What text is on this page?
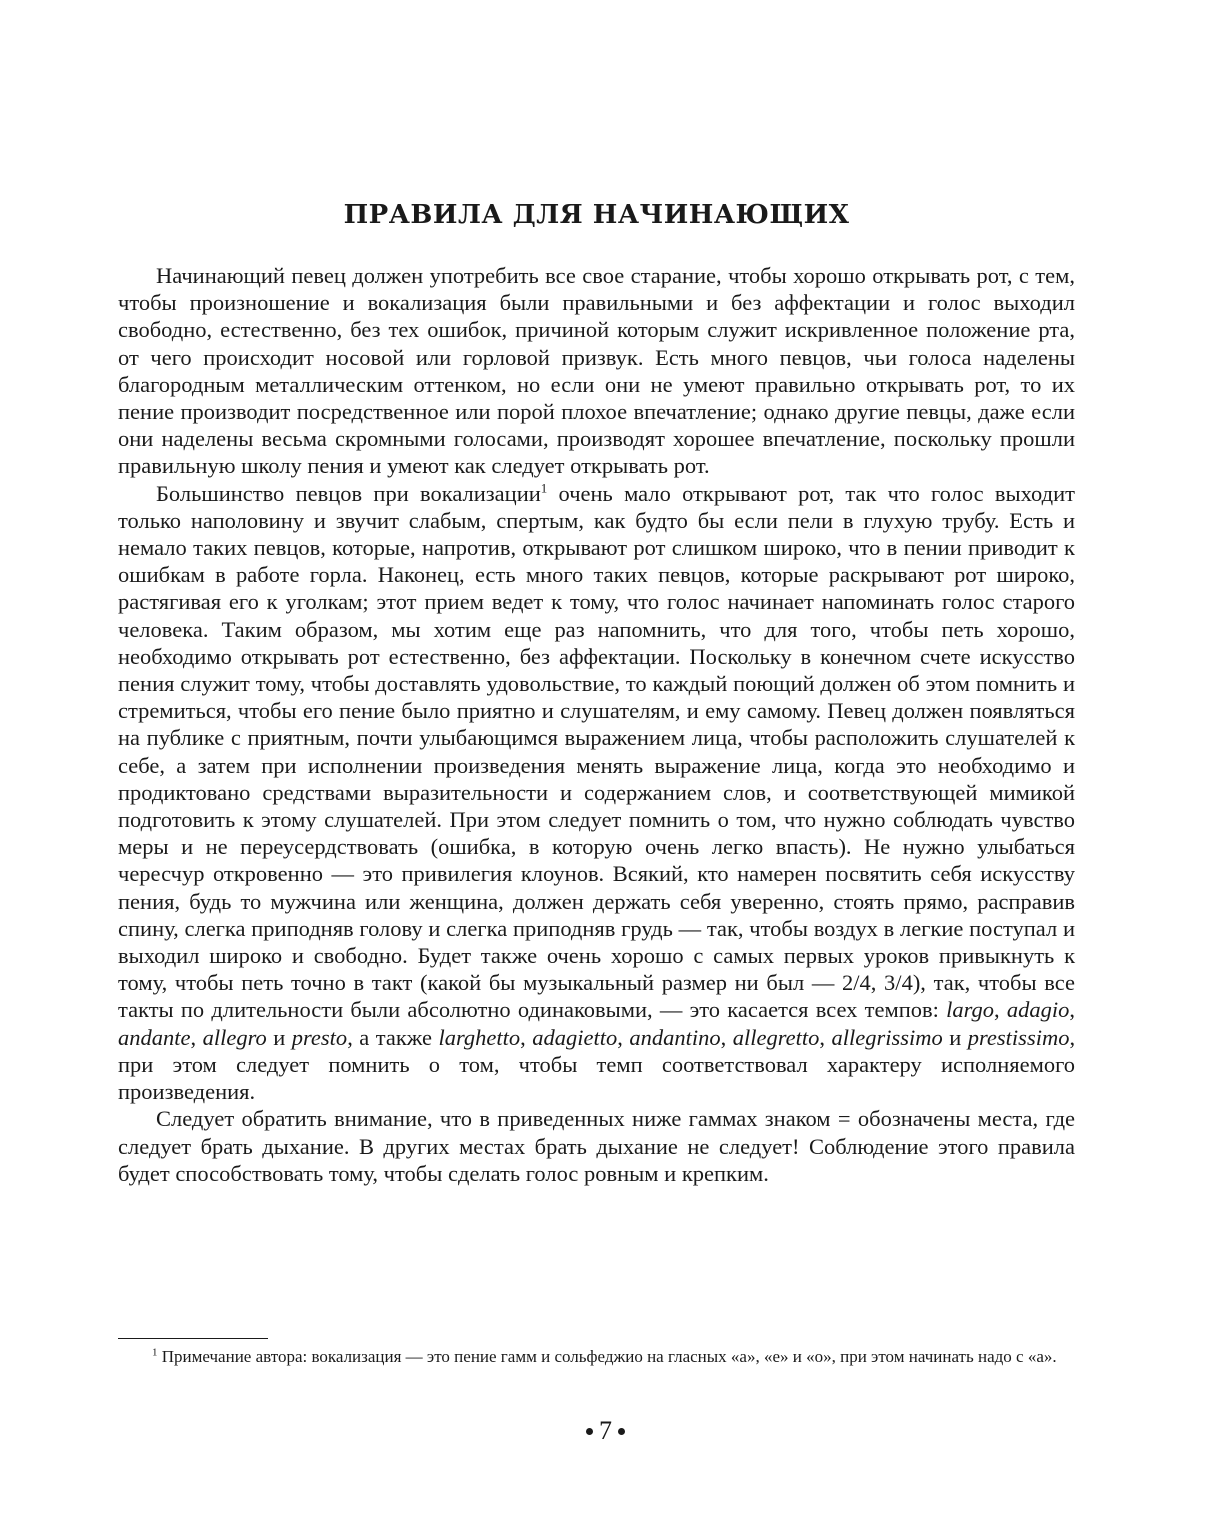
ПРАВИЛА ДЛЯ НАЧИНАЮЩИХ

Начинающий певец должен употребить все свое старание, чтобы хорошо открывать рот, с тем, чтобы произношение и вокализация были правильными и без аффектации и голос выходил свободно, естественно, без тех ошибок, причиной которым служит искривленное положение рта, от чего происходит носовой или горловой призвук. Есть много певцов, чьи голоса наделены благородным металлическим оттенком, но если они не умеют правильно открывать рот, то их пение производит посредственное или порой плохое впечатление; однако другие певцы, даже если они наделены весьма скромными голосами, производят хорошее впечатление, поскольку прошли правильную школу пения и умеют как следует открывать рот.

Большинство певцов при вокализации$^1$ очень мало открывают рот, так что голос выходит только наполовину и звучит слабым, спертым, как будто бы если пели в глухую трубу. Есть и немало таких певцов, которые, напротив, открывают рот слишком широко, что в пении приводит к ошибкам в работе горла. Наконец, есть много таких певцов, которые раскрывают рот широко, растягивая его к уголкам; этот прием ведет к тому, что голос начинает напоминать голос старого человека. Таким образом, мы хотим еще раз напомнить, что для того, чтобы петь хорошо, необходимо открывать рот естественно, без аффектации. Поскольку в конечном счете искусство пения служит тому, чтобы доставлять удовольствие, то каждый поющий должен об этом помнить и стремиться, чтобы его пение было приятно и слушателям, и ему самому. Певец должен появляться на публике с приятным, почти улыбающимся выражением лица, чтобы расположить слушателей к себе, а затем при исполнении произведения менять выражение лица, когда это необходимо и продиктовано средствами выразительности и содержанием слов, и соответствующей мимикой подготовить к этому слушателей. При этом следует помнить о том, что нужно соблюдать чувство меры и не переусердствовать (ошибка, в которую очень легко впасть). Не нужно улыбаться чересчур откровенно — это привилегия клоунов. Всякий, кто намерен посвятить себя искусству пения, будь то мужчина или женщина, должен держать себя уверенно, стоять прямо, расправив спину, слегка приподняв голову и слегка приподняв грудь — так, чтобы воздух в легкие поступал и выходил широко и свободно. Будет также очень хорошо с самых первых уроков привыкнуть к тому, чтобы петь точно в такт (какой бы музыкальный размер ни был — 2/4, 3/4), так, чтобы все такты по длительности были абсолютно одинаковыми, — это касается всех темпов: largo, adagio, andante, allegro и presto, а также larghetto, adagietto, andantino, allegretto, allegrissimo и prestissimo, при этом следует помнить о том, чтобы темп соответствовал характеру исполняемого произведения.

Следует обратить внимание, что в приведенных ниже гаммах знаком = обозначены места, где следует брать дыхание. В других местах брать дыхание не следует! Соблюдение этого правила будет способствовать тому, чтобы сделать голос ровным и крепким.

$^1$ Примечание автора: вокализация — это пение гамм и сольфеджио на гласных «а», «е» и «о», при этом начинать надо с «а».
7
